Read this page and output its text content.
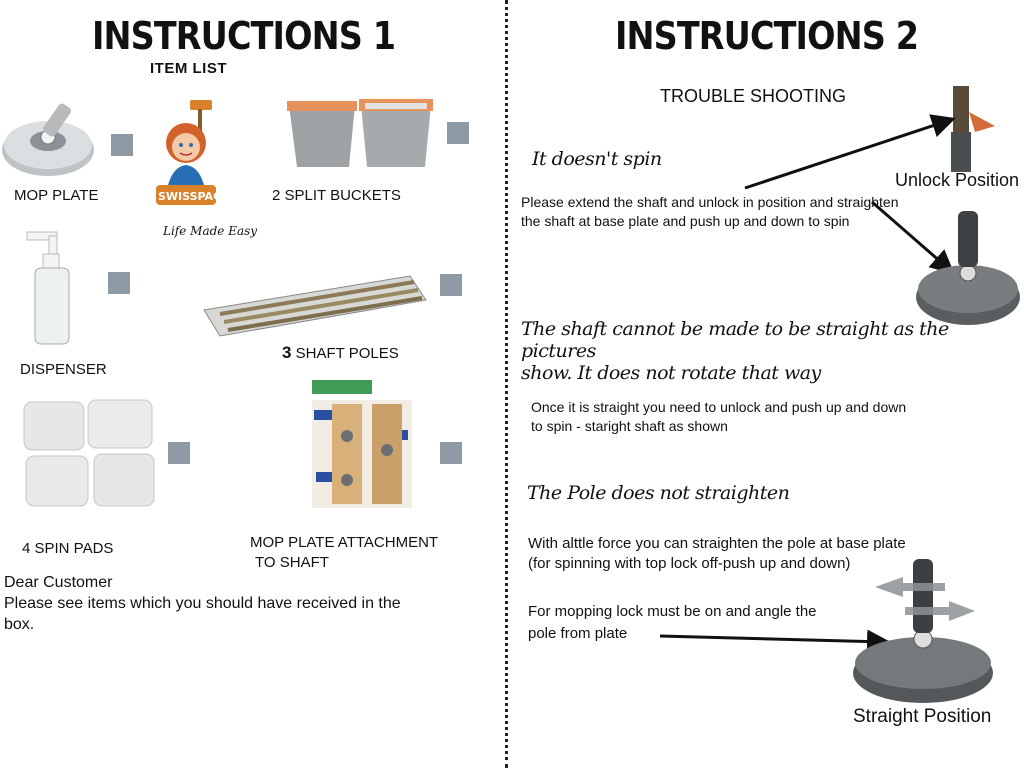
INSTRUCTIONS 1
ITEM LIST
MOP PLATE	SWISSPACK
Life Made Easy
2 SPLIT BUCKETS
DISPENSER
3 SHAFT POLES
4 SPIN PADS	MOP PLATE ATTACHMENT
TO SHAFT
Dear Customer
Please see items which you should have received in the
box.
INSTRUCTIONS 2
TROUBLE SHOOTING
Unlock Position
It doesn't spin
Please extend the shaft and unlock in position and straighten
the shaft at base plate and push up and down to spin
The shaft cannot be made to be straight as the pictures
show. It does not rotate that way
Once it is straight you need to unlock and push up and down
to spin - staright shaft as shown
The Pole does not straighten
With alttle force you can straighten the pole at base plate
(for spinning with top lock off-push up and down)
For mopping lock must be on and angle the
pole from plate
Straight Position
